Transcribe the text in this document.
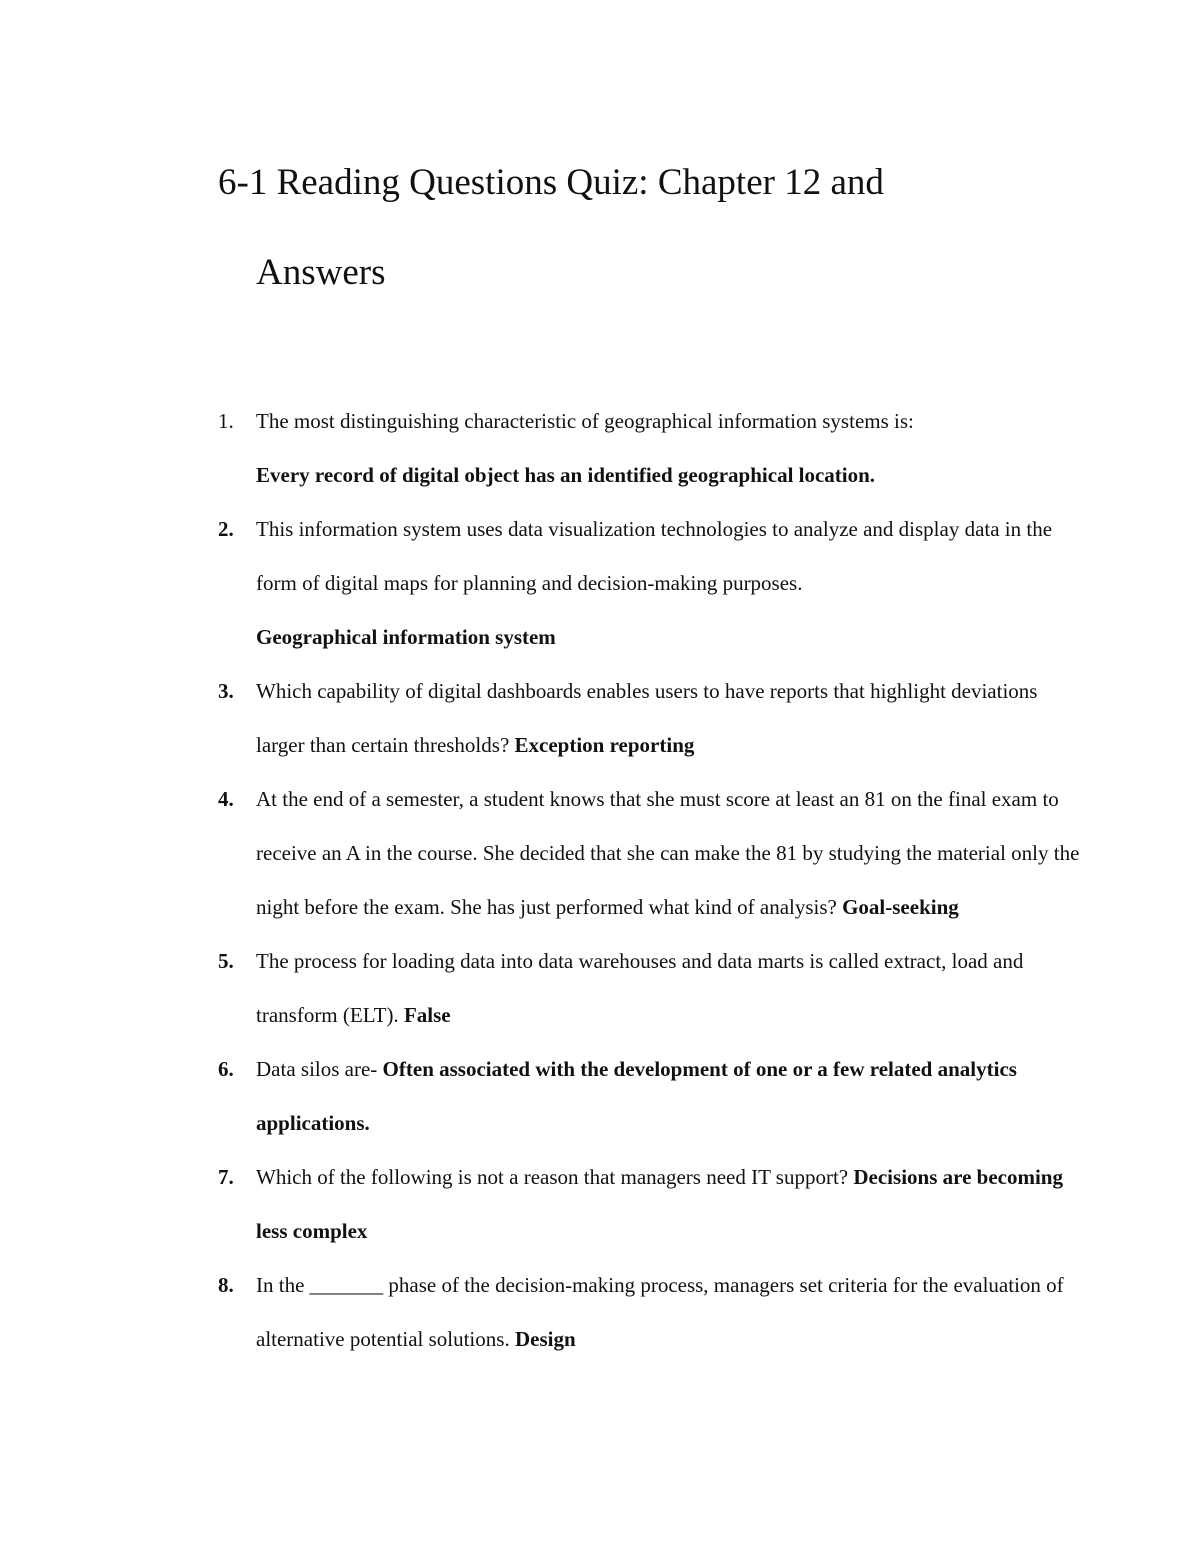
6-1 Reading Questions Quiz: Chapter 12 and
Answers
1.	The most distinguishing characteristic of geographical information systems is:
Every record of digital object has an identified geographical location.
2.	This information system uses data visualization technologies to analyze and display data in the form of digital maps for planning and decision-making purposes.
Geographical information system
3.	Which capability of digital dashboards enables users to have reports that highlight deviations larger than certain thresholds? Exception reporting
4.	At the end of a semester, a student knows that she must score at least an 81 on the final exam to receive an A in the course. She decided that she can make the 81 by studying the material only the night before the exam. She has just performed what kind of analysis? Goal-seeking
5.	The process for loading data into data warehouses and data marts is called extract, load and transform (ELT). False
6.	Data silos are- Often associated with the development of one or a few related analytics applications.
7.	Which of the following is not a reason that managers need IT support? Decisions are becoming less complex
8.	In the _______ phase of the decision-making process, managers set criteria for the evaluation of alternative potential solutions. Design
